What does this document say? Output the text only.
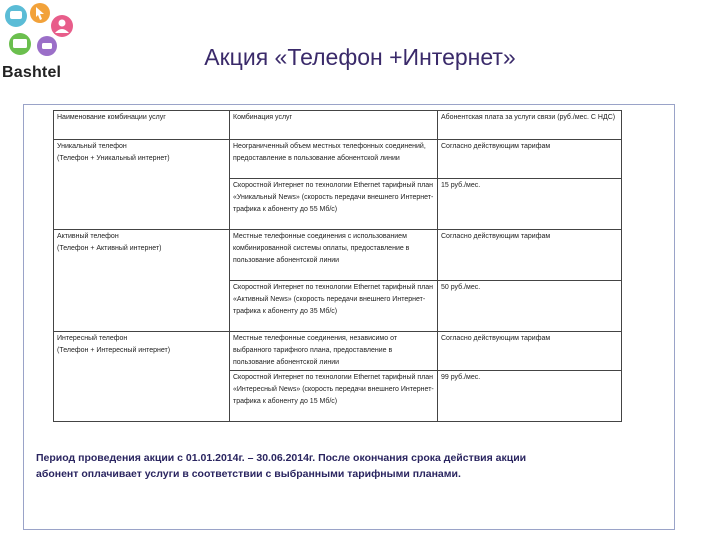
Bashtel
Акция «Телефон +Интернет»
Наименование комбинации услуг	Комбинация услуг	Абонентская плата за услуги связи (руб./мес. С НДС)

Уникальный телефон
(Телефон + Уникальный интернет)	Неограниченный объем местных телефонных соединений, предоставление в пользование абонентской линии	Согласно действующим тарифам
	Скоростной Интернет по технологии Ethernet тарифный план «Уникальный News» (скорость передачи внешнего Интернет-трафика к абоненту до 55 Мб/с)	15 руб./мес.

Активный телефон
(Телефон + Активный интернет)	Местные телефонные соединения с использованием комбинированной системы оплаты, предоставление в пользование абонентской линии	Согласно действующим тарифам
	Скоростной Интернет по технологии Ethernet тарифный план «Активный News» (скорость передачи внешнего Интернет-трафика к абоненту до 35 Мб/с)	50 руб./мес.

Интересный телефон
(Телефон + Интересный интернет)	Местные телефонные соединения, независимо от выбранного тарифного плана, предоставление в пользование абонентской линии	Согласно действующим тарифам
	Скоростной Интернет по технологии Ethernet тарифный план «Интересный News» (скорость передачи внешнего Интернет-трафика к абоненту до 15 Мб/с)	99 руб./мес.
Период проведения акции с 01.01.2014г. – 30.06.2014г. После окончания срока действия акции
абонент оплачивает услуги в соответствии с выбранными тарифными планами.
